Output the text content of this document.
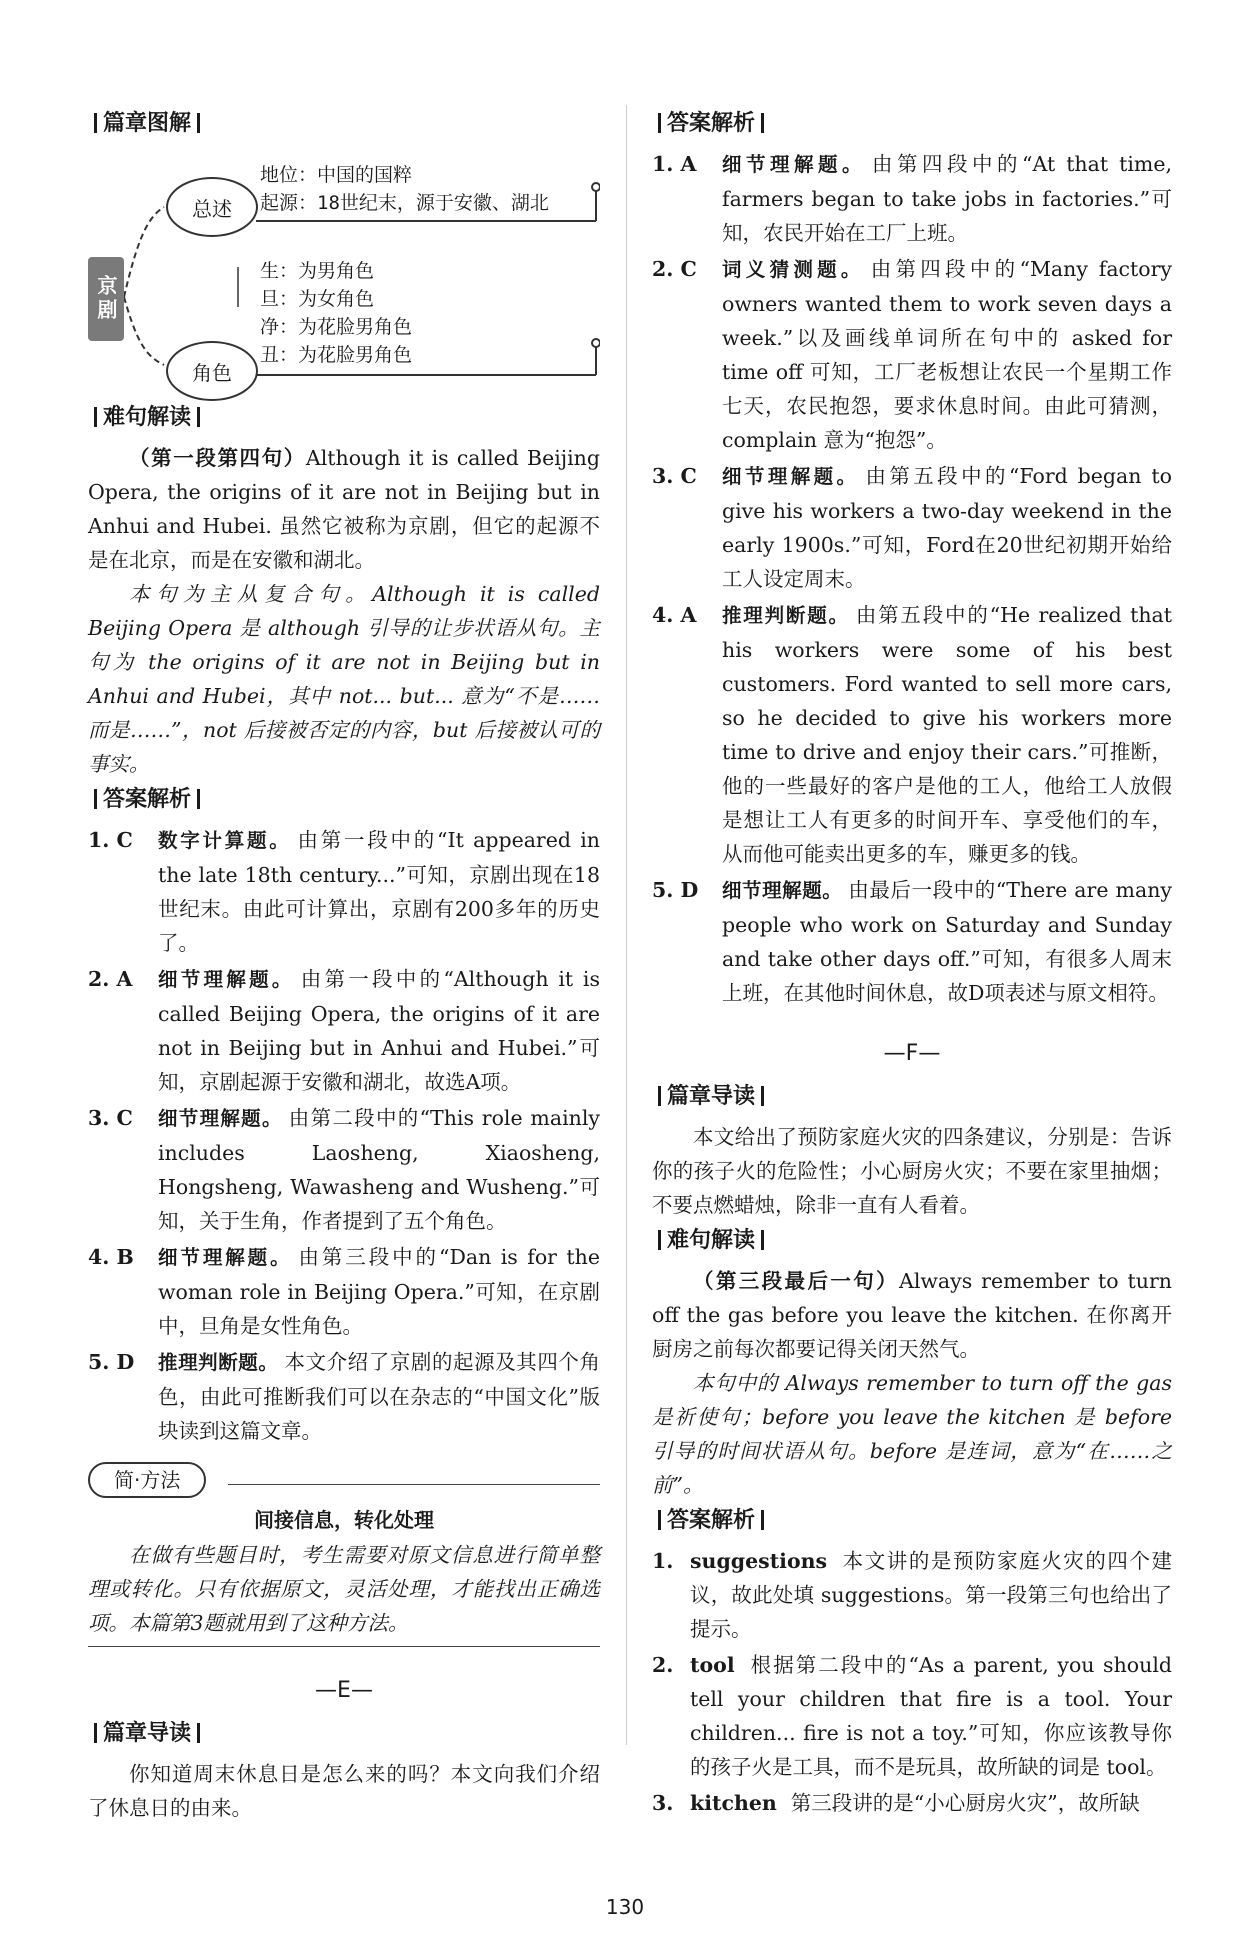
篇章图解
京剧
总述
地位：中国的国粹
起源：18世纪末，源于安徽、湖北
角色
生：为男角色
旦：为女角色
净：为花脸男角色
丑：为花脸男角色
难句解读

（第一段第四句）Although it is called Beijing Opera, the origins of it are not in Beijing but in Anhui and Hubei. 虽然它被称为京剧，但它的起源不是在北京，而是在安徽和湖北。

本句为主从复合句。Although it is called Beijing Opera 是 although 引导的让步状语从句。主句为 the origins of it are not in Beijing but in Anhui and Hubei，其中 not... but... 意为“不是……而是……”，not 后接被否定的内容，but 后接被认可的事实。

答案解析
1. C	数字计算题。 由第一段中的“It appeared in the late 18th century...”可知，京剧出现在18世纪末。由此可计算出，京剧有200多年的历史了。
2. A	细节理解题。 由第一段中的“Although it is called Beijing Opera, the origins of it are not in Beijing but in Anhui and Hubei.”可知，京剧起源于安徽和湖北，故选A项。
3. C	细节理解题。 由第二段中的“This role mainly includes Laosheng, Xiaosheng, Hongsheng, Wawasheng and Wusheng.”可知，关于生角，作者提到了五个角色。
4. B	细节理解题。 由第三段中的“Dan is for the woman role in Beijing Opera.”可知，在京剧中，旦角是女性角色。
5. D	推理判断题。 本文介绍了京剧的起源及其四个角色，由此可推断我们可以在杂志的“中国文化”版块读到这篇文章。
简·方法
间接信息，转化处理

在做有些题目时，考生需要对原文信息进行简单整理或转化。只有依据原文，灵活处理，才能找出正确选项。本篇第3题就用到了这种方法。

—E—
篇章导读

你知道周末休息日是怎么来的吗？本文向我们介绍了休息日的由来。

答案解析
1. A	细节理解题。 由第四段中的“At that time, farmers began to take jobs in factories.”可知，农民开始在工厂上班。
2. C	词义猜测题。 由第四段中的“Many factory owners wanted them to work seven days a week.”以及画线单词所在句中的 asked for time off 可知，工厂老板想让农民一个星期工作七天，农民抱怨，要求休息时间。由此可猜测，complain 意为“抱怨”。
3. C	细节理解题。 由第五段中的“Ford began to give his workers a two-day weekend in the early 1900s.”可知，Ford在20世纪初期开始给工人设定周末。
4. A	推理判断题。 由第五段中的“He realized that his workers were some of his best customers. Ford wanted to sell more cars, so he decided to give his workers more time to drive and enjoy their cars.”可推断，他的一些最好的客户是他的工人，他给工人放假是想让工人有更多的时间开车、享受他们的车，从而他可能卖出更多的车，赚更多的钱。
5. D	细节理解题。 由最后一段中的“There are many people who work on Saturday and Sunday and take other days off.”可知，有很多人周末上班，在其他时间休息，故D项表述与原文相符。
—F—
篇章导读

本文给出了预防家庭火灾的四条建议，分别是：告诉你的孩子火的危险性；小心厨房火灾；不要在家里抽烟；不要点燃蜡烛，除非一直有人看着。

难句解读

（第三段最后一句）Always remember to turn off the gas before you leave the kitchen. 在你离开厨房之前每次都要记得关闭天然气。

本句中的 Always remember to turn off the gas 是祈使句；before you leave the kitchen 是 before 引导的时间状语从句。before 是连词，意为“在……之前”。

答案解析
1. suggestions 本文讲的是预防家庭火灾的四个建议，故此处填 suggestions。第一段第三句也给出了提示。
2. tool 根据第二段中的“As a parent, you should tell your children that fire is a tool. Your children... fire is not a toy.”可知，你应该教导你的孩子火是工具，而不是玩具，故所缺的词是 tool。
3. kitchen 第三段讲的是“小心厨房火灾”，故所缺
130
